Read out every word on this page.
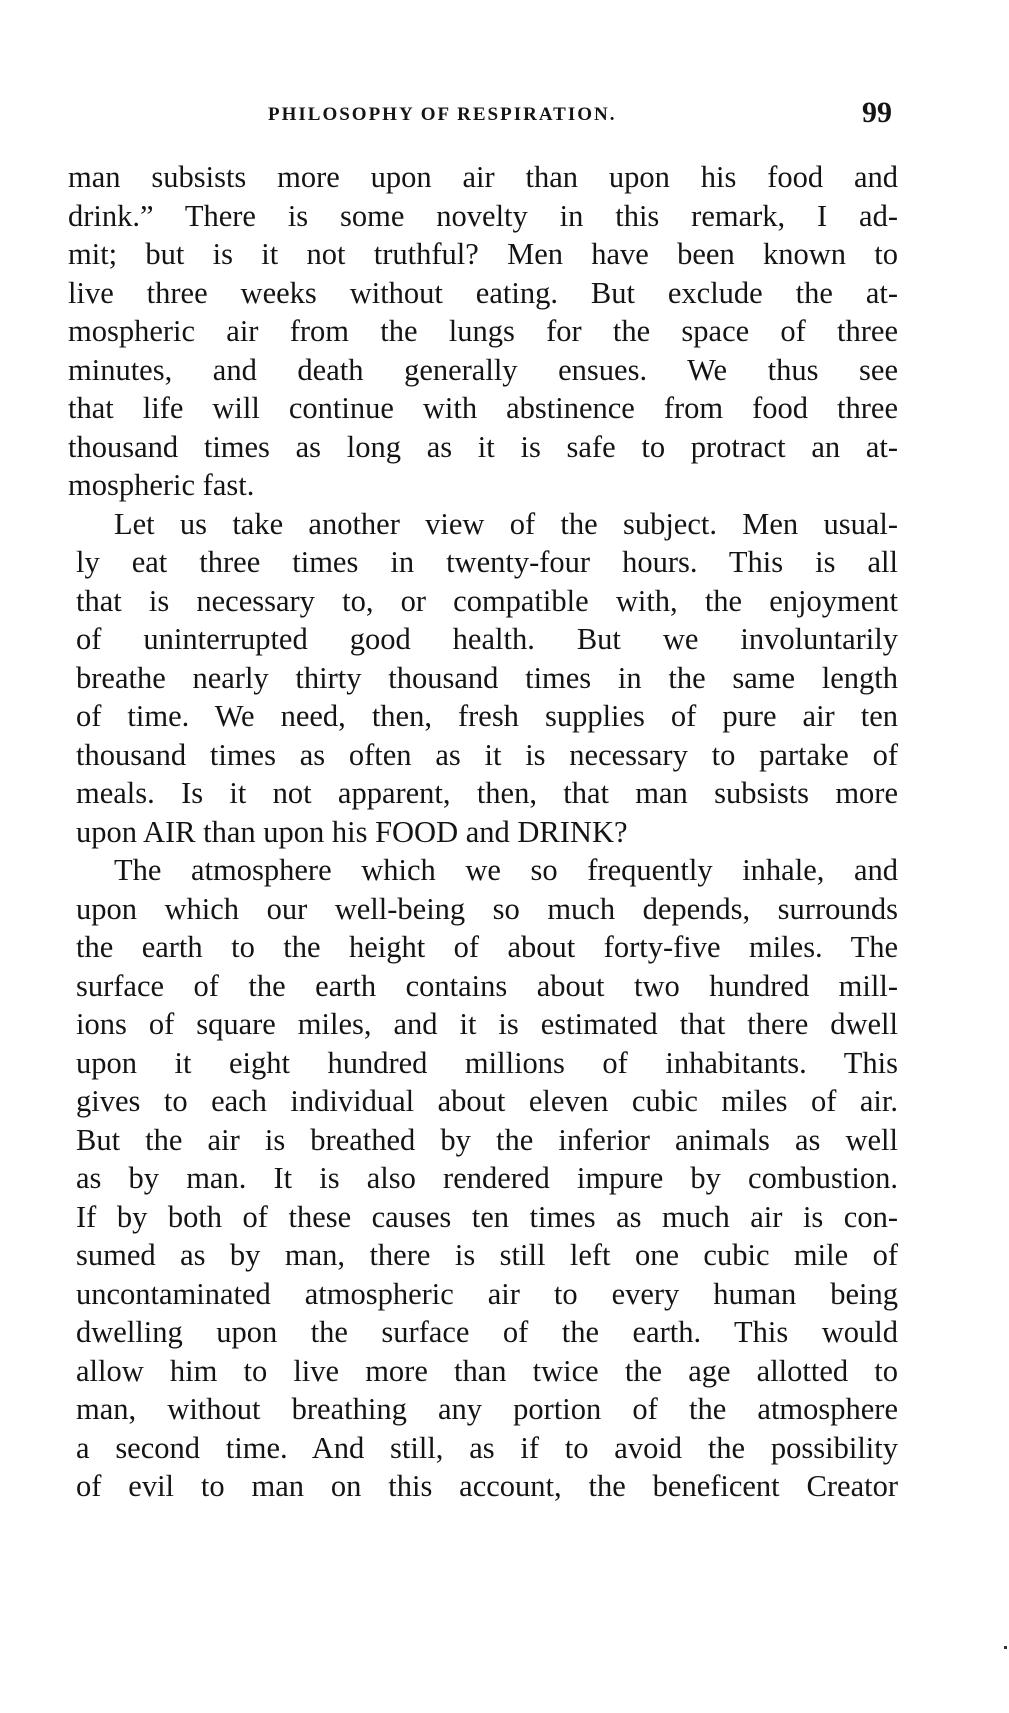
PHILOSOPHY OF RESPIRATION.	99
man subsists more upon air than upon his food and
drink.” There is some novelty in this remark, I ad-
mit; but is it not truthful? Men have been known to
live three weeks without eating. But exclude the at-
mospheric air from the lungs for the space of three
minutes, and death generally ensues. We thus see
that life will continue with abstinence from food three
thousand times as long as it is safe to protract an at-
mospheric fast.
Let us take another view of the subject. Men usual-
ly eat three times in twenty-four hours. This is all
that is necessary to, or compatible with, the enjoyment
of uninterrupted good health. But we involuntarily
breathe nearly thirty thousand times in the same length
of time. We need, then, fresh supplies of pure air ten
thousand times as often as it is necessary to partake of
meals. Is it not apparent, then, that man subsists more
upon AIR than upon his FOOD and DRINK?
The atmosphere which we so frequently inhale, and
upon which our well-being so much depends, surrounds
the earth to the height of about forty-five miles. The
surface of the earth contains about two hundred mill-
ions of square miles, and it is estimated that there dwell
upon it eight hundred millions of inhabitants. This
gives to each individual about eleven cubic miles of air.
But the air is breathed by the inferior animals as well
as by man. It is also rendered impure by combustion.
If by both of these causes ten times as much air is con-
sumed as by man, there is still left one cubic mile of
uncontaminated atmospheric air to every human being
dwelling upon the surface of the earth. This would
allow him to live more than twice the age allotted to
man, without breathing any portion of the atmosphere
a second time. And still, as if to avoid the possibility
of evil to man on this account, the beneficent Creator
